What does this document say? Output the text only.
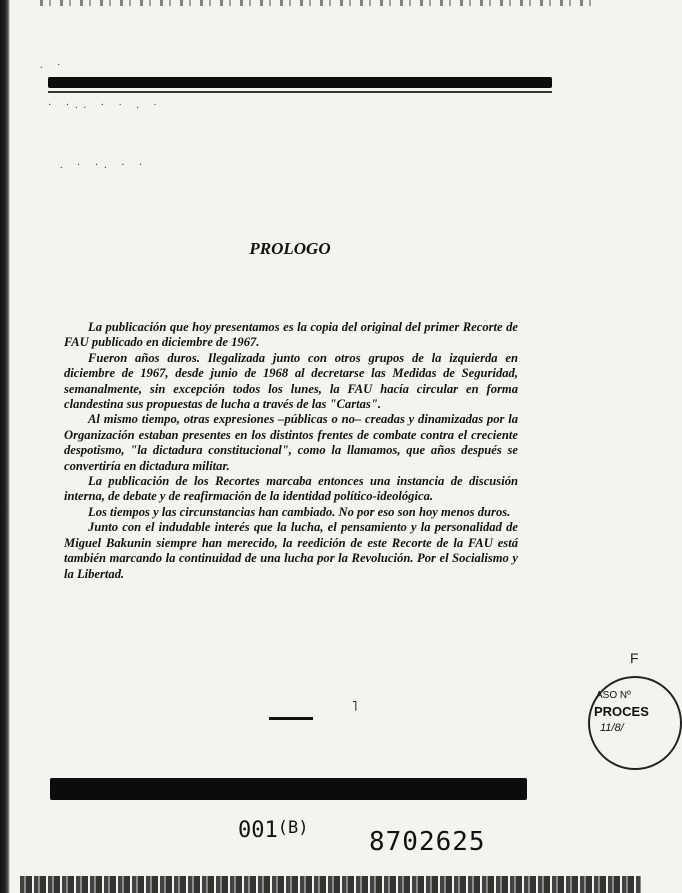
· ·.. · · . ·
. · ·. · ·
. ·
PROLOGO

La publicación que hoy presentamos es la copia del original del primer Recorte de FAU publicado en diciembre de 1967.

Fueron años duros. Ilegalizada junto con otros grupos de la izquierda en diciembre de 1967, desde junio de 1968 al decretarse las Medidas de Seguridad, semanalmente, sin excepción todos los lunes, la FAU hacía circular en forma clandestina sus propuestas de lucha a través de las "Cartas".

Al mismo tiempo, otras expresiones –públicas o no– creadas y dinamizadas por la Organización estaban presentes en los distintos frentes de combate contra el creciente despotismo, "la dictadura constitucional", como la llamamos, que años después se convertiría en dictadura militar.

La publicación de los Recortes marcaba entonces una instancia de discusión interna, de debate y de reafirmación de la identidad político-ideológica.

Los tiempos y las circunstancias han cambiado. No por eso son hoy menos duros.

Junto con el indudable interés que la lucha, el pensamiento y la personalidad de Miguel Bakunin siempre han merecido, la reedición de este Recorte de la FAU está también marcando la continuidad de una lucha por la Revolución. Por el Socialismo y la Libertad.

˥
$001^{(B)}$ 8702625
F
ASO Nº
PROCES
11/8/
